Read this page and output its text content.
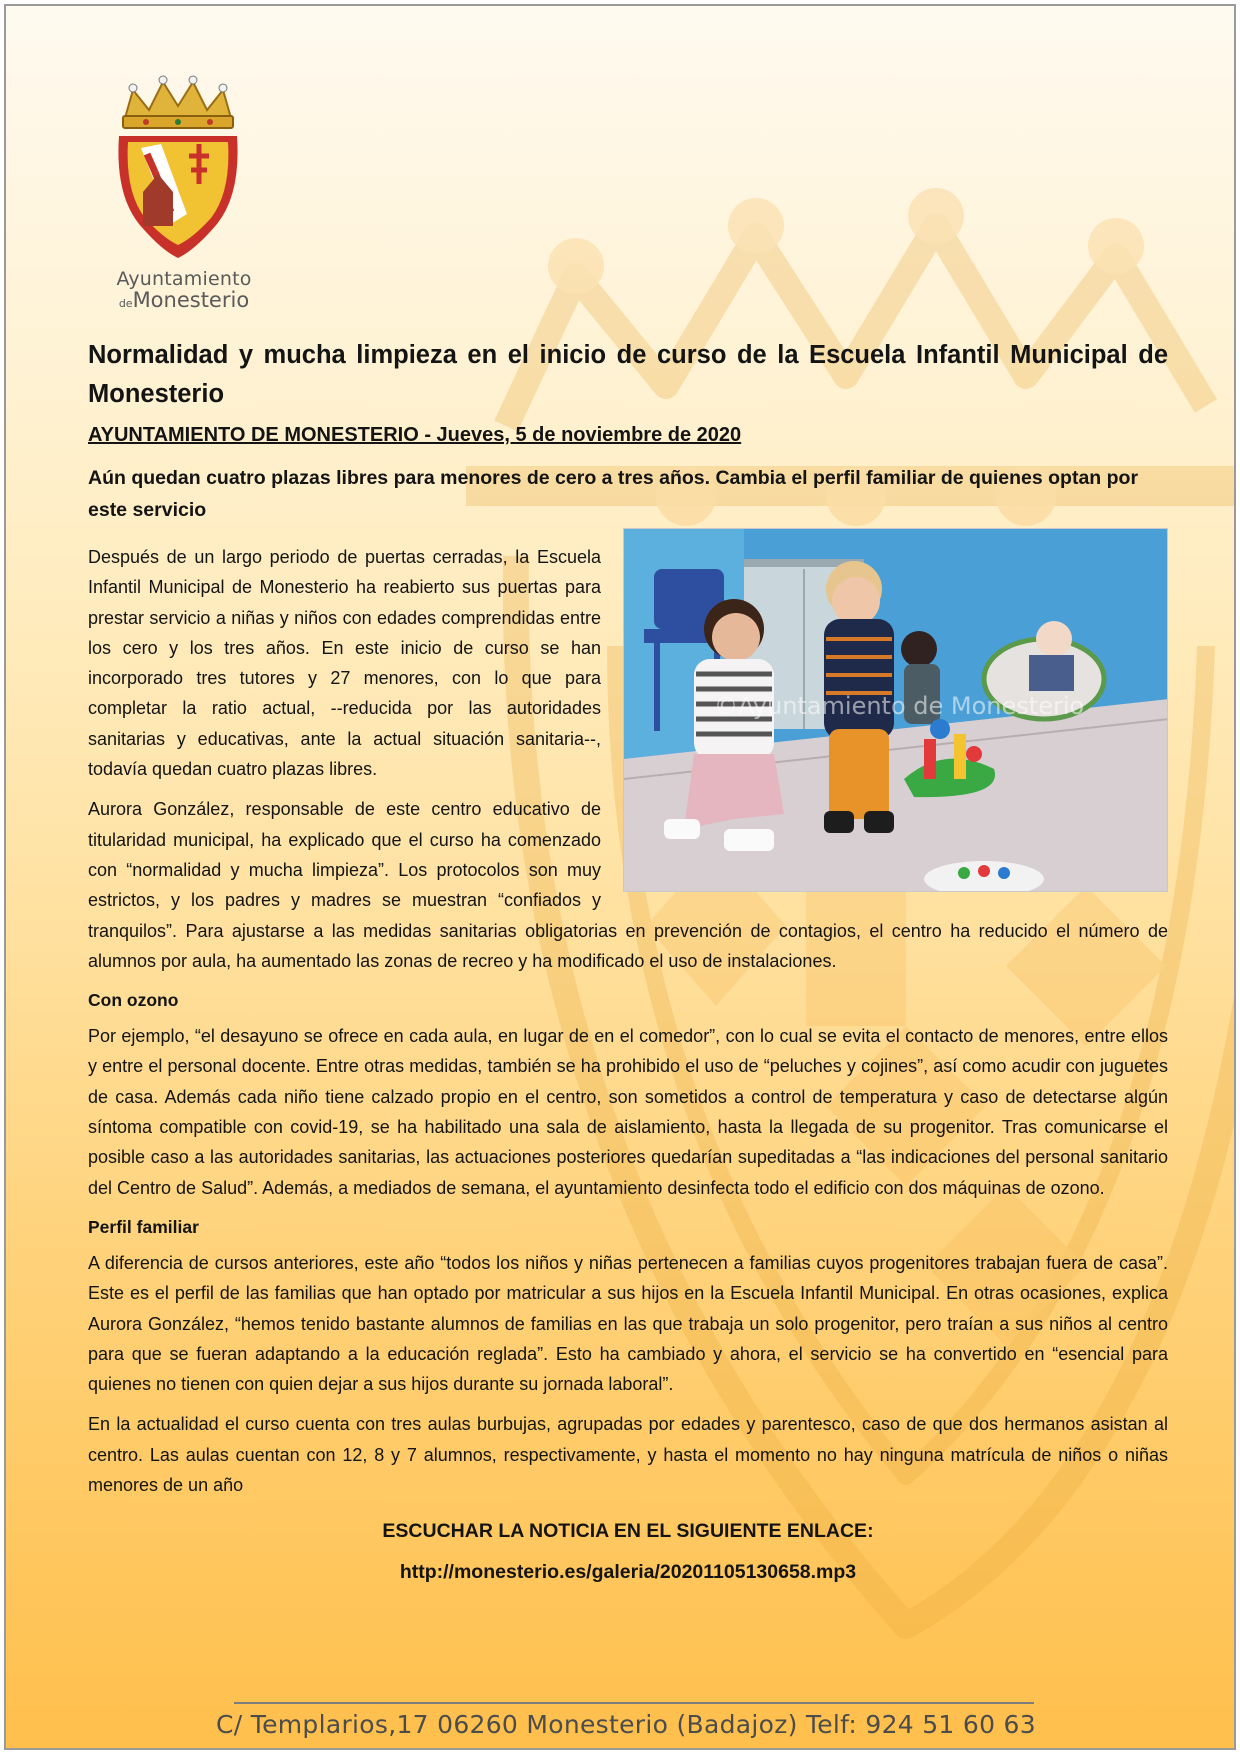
Ayuntamiento
deMonesterio
Normalidad y mucha limpieza en el inicio de curso de la Escuela Infantil Municipal de Monesterio
AYUNTAMIENTO DE MONESTERIO - Jueves, 5 de noviembre de 2020
Aún quedan cuatro plazas libres para menores de cero a tres años. Cambia el perfil familiar de quienes optan por este servicio
©Ayuntamiento de Monesterio

Después de un largo periodo de puertas cerradas, la Escuela Infantil Municipal de Monesterio ha reabierto sus puertas para prestar servicio a niñas y niños con edades comprendidas entre los cero y los tres años. En este inicio de curso se han incorporado tres tutores y 27 menores, con lo que para completar la ratio actual, --reducida por las autoridades sanitarias y educativas, ante la actual situación sanitaria--, todavía quedan cuatro plazas libres.

Aurora González, responsable de este centro educativo de titularidad municipal, ha explicado que el curso ha comenzado con “normalidad y mucha limpieza”. Los protocolos son muy estrictos, y los padres y madres se muestran “confiados y tranquilos”. Para ajustarse a las medidas sanitarias obligatorias en prevención de contagios, el centro ha reducido el número de alumnos por aula, ha aumentado las zonas de recreo y ha modificado el uso de instalaciones.

Con ozono

Por ejemplo, “el desayuno se ofrece en cada aula, en lugar de en el comedor”, con lo cual se evita el contacto de menores, entre ellos y entre el personal docente. Entre otras medidas, también se ha prohibido el uso de “peluches y cojines”, así como acudir con juguetes de casa. Además cada niño tiene calzado propio en el centro, son sometidos a control de temperatura y caso de detectarse algún síntoma compatible con covid-19, se ha habilitado una sala de aislamiento, hasta la llegada de su progenitor. Tras comunicarse el posible caso a las autoridades sanitarias, las actuaciones posteriores quedarían supeditadas a “las indicaciones del personal sanitario del Centro de Salud”. Además, a mediados de semana, el ayuntamiento desinfecta todo el edificio con dos máquinas de ozono.

Perfil familiar

A diferencia de cursos anteriores, este año “todos los niños y niñas pertenecen a familias cuyos progenitores trabajan fuera de casa”. Este es el perfil de las familias que han optado por matricular a sus hijos en la Escuela Infantil Municipal. En otras ocasiones, explica Aurora González, “hemos tenido bastante alumnos de familias en las que trabaja un solo progenitor, pero traían a sus niños al centro para que se fueran adaptando a la educación reglada”. Esto ha cambiado y ahora, el servicio se ha convertido en “esencial para quienes no tienen con quien dejar a sus hijos durante su jornada laboral”.

En la actualidad el curso cuenta con tres aulas burbujas, agrupadas por edades y parentesco, caso de que dos hermanos asistan al centro. Las aulas cuentan con 12, 8 y 7 alumnos, respectivamente, y hasta el momento no hay ninguna matrícula de niños o niñas menores de un año

ESCUCHAR LA NOTICIA EN EL SIGUIENTE ENLACE:
http://monesterio.es/galeria/20201105130658.mp3
C/ Templarios,17 06260 Monesterio (Badajoz) Telf: 924 51 60 63
